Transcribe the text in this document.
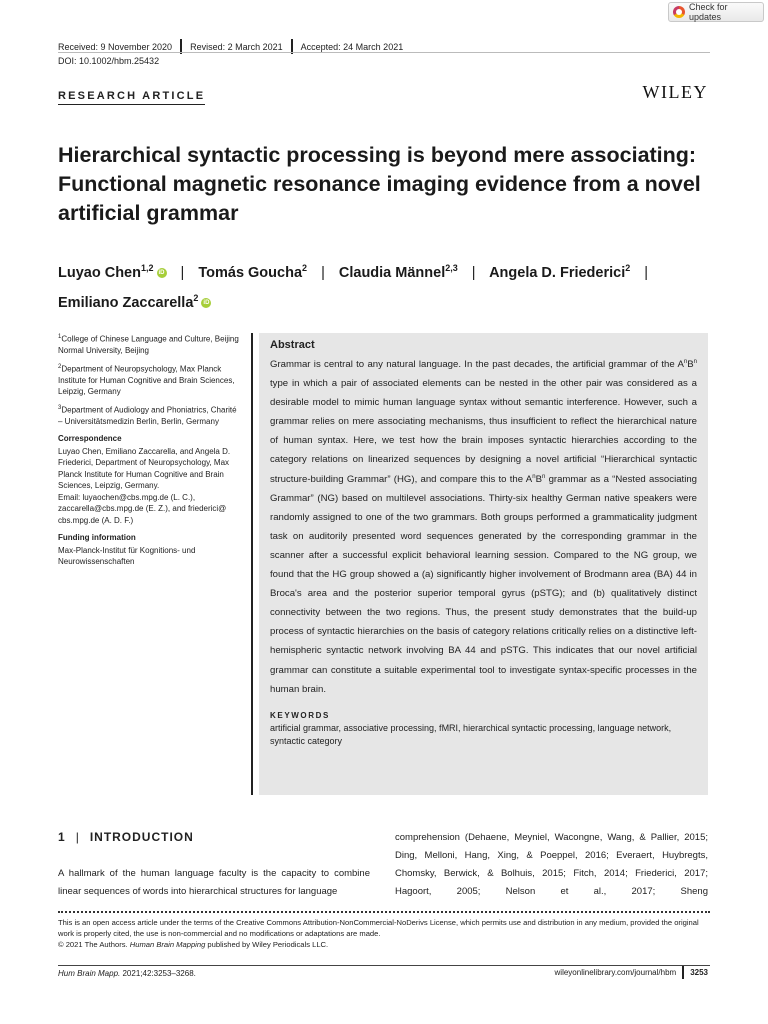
Check for updates
Received: 9 November 2020 Revised: 2 March 2021 Accepted: 24 March 2021
DOI: 10.1002/hbm.25432
RESEARCH ARTICLE	WILEY
Hierarchical syntactic processing is beyond mere associating: Functional magnetic resonance imaging evidence from a novel artificial grammar
Luyao Chen$^{1,2}$ iD | Tomás Goucha$^2$ | Claudia Männel$^{2,3}$ | Angela D. Friederici$^2$ |
Emiliano Zaccarella$^2$ iD

$^1$College of Chinese Language and Culture, Beijing Normal University, Beijing

$^2$Department of Neuropsychology, Max Planck Institute for Human Cognitive and Brain Sciences, Leipzig, Germany

$^3$Department of Audiology and Phoniatrics, Charité – Universitätsmedizin Berlin, Berlin, Germany

Correspondence
Luyao Chen, Emiliano Zaccarella, and Angela D. Friederici, Department of Neuropsychology, Max Planck Institute for Human Cognitive and Brain Sciences, Leipzig, Germany.

Email: luyaochen@cbs.mpg.de (L. C.), zaccarella@cbs.mpg.de (E. Z.), and friederici@ cbs.mpg.de (A. D. F.)

Funding information
Max-Planck-Institut für Kognitions- und Neurowissenschaften
Abstract
Grammar is central to any natural language. In the past decades, the artificial grammar of the $A^nB^n$ type in which a pair of associated elements can be nested in the other pair was considered as a desirable model to mimic human language syntax without semantic interference. However, such a grammar relies on mere associating mechanisms, thus insufficient to reflect the hierarchical nature of human syntax. Here, we test how the brain imposes syntactic hierarchies according to the category relations on linearized sequences by designing a novel artificial “Hierarchical syntactic structure-building Grammar” (HG), and compare this to the $A^nB^n$ grammar as a “Nested associating Grammar” (NG) based on multilevel associations. Thirty-six healthy German native speakers were randomly assigned to one of the two grammars. Both groups performed a grammaticality judgment task on auditorily presented word sequences generated by the corresponding grammar in the scanner after a successful explicit behavioral learning session. Compared to the NG group, we found that the HG group showed a (a) significantly higher involvement of Brodmann area (BA) 44 in Broca's area and the posterior superior temporal gyrus (pSTG); and (b) qualitatively distinct connectivity between the two regions. Thus, the present study demonstrates that the build-up process of syntactic hierarchies on the basis of category relations critically relies on a distinctive left-hemispheric syntactic network involving BA 44 and pSTG. This indicates that our novel artificial grammar can constitute a suitable experimental tool to investigate syntax-specific processes in the human brain.
KEYWORDS
artificial grammar, associative processing, fMRI, hierarchical syntactic processing, language network, syntactic category
1 | INTRODUCTION

A hallmark of the human language faculty is the capacity to combine linear sequences of words into hierarchical structures for language

comprehension (Dehaene, Meyniel, Wacongne, Wang, & Pallier, 2015; Ding, Melloni, Hang, Xing, & Poeppel, 2016; Everaert, Huybregts, Chomsky, Berwick, & Bolhuis, 2015; Fitch, 2014; Friederici, 2017; Hagoort, 2005; Nelson et al., 2017; Sheng

This is an open access article under the terms of the Creative Commons Attribution-NonCommercial-NoDerivs License, which permits use and distribution in any medium, provided the original work is properly cited, the use is non-commercial and no modifications or adaptations are made.
© 2021 The Authors. Human Brain Mapping published by Wiley Periodicals LLC.
Hum Brain Mapp. 2021;42:3253–3268.	wileyonlinelibrary.com/journal/hbm 3253
